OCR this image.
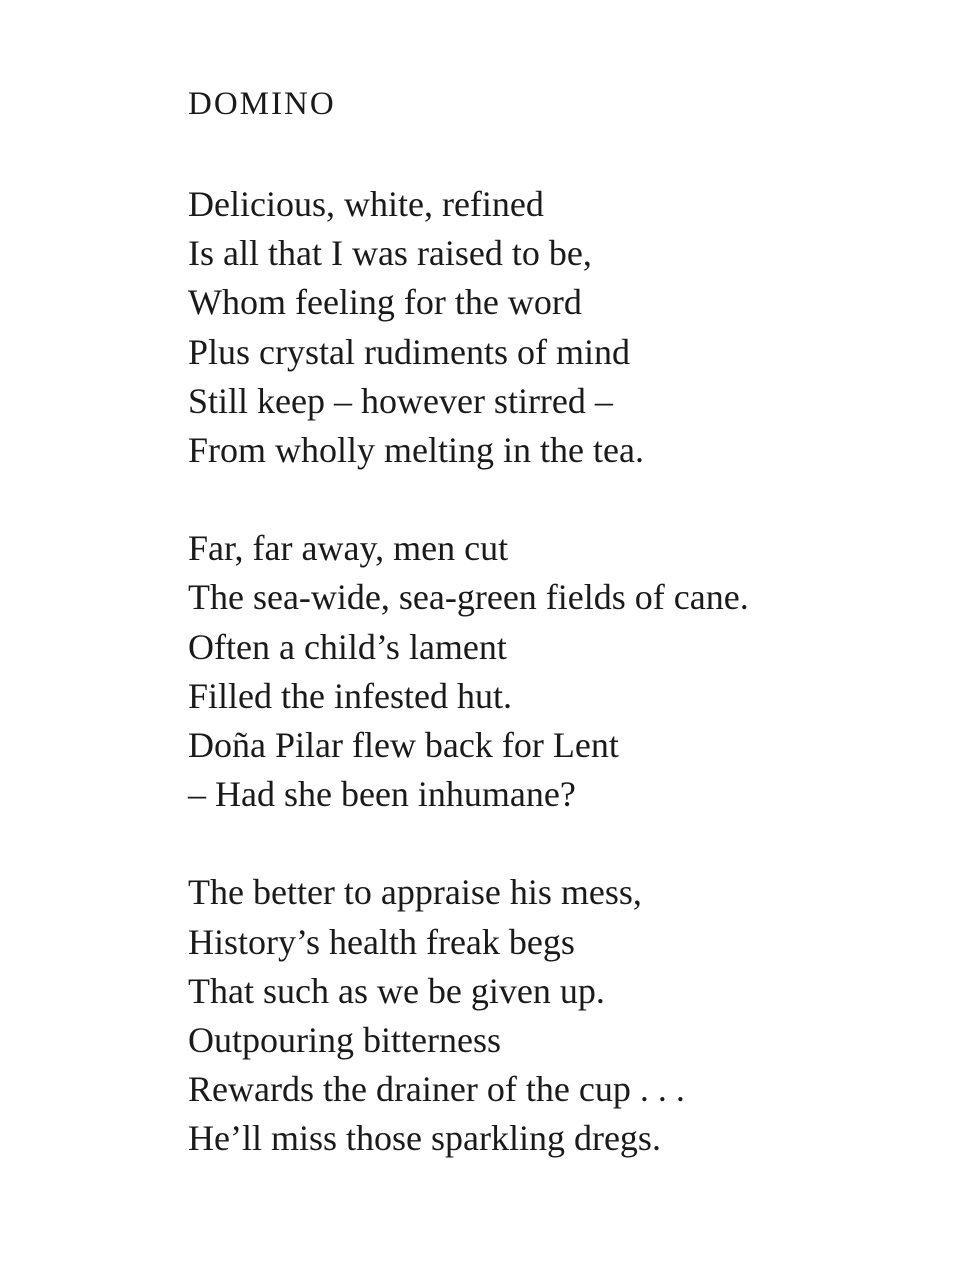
DOMINO
Delicious, white, refined
Is all that I was raised to be,
Whom feeling for the word
Plus crystal rudiments of mind
Still keep – however stirred –
From wholly melting in the tea.
Far, far away, men cut
The sea-wide, sea-green fields of cane.
Often a child’s lament
Filled the infested hut.
Doña Pilar flew back for Lent
– Had she been inhumane?
The better to appraise his mess,
History’s health freak begs
That such as we be given up.
Outpouring bitterness
Rewards the drainer of the cup . . .
He’ll miss those sparkling dregs.
